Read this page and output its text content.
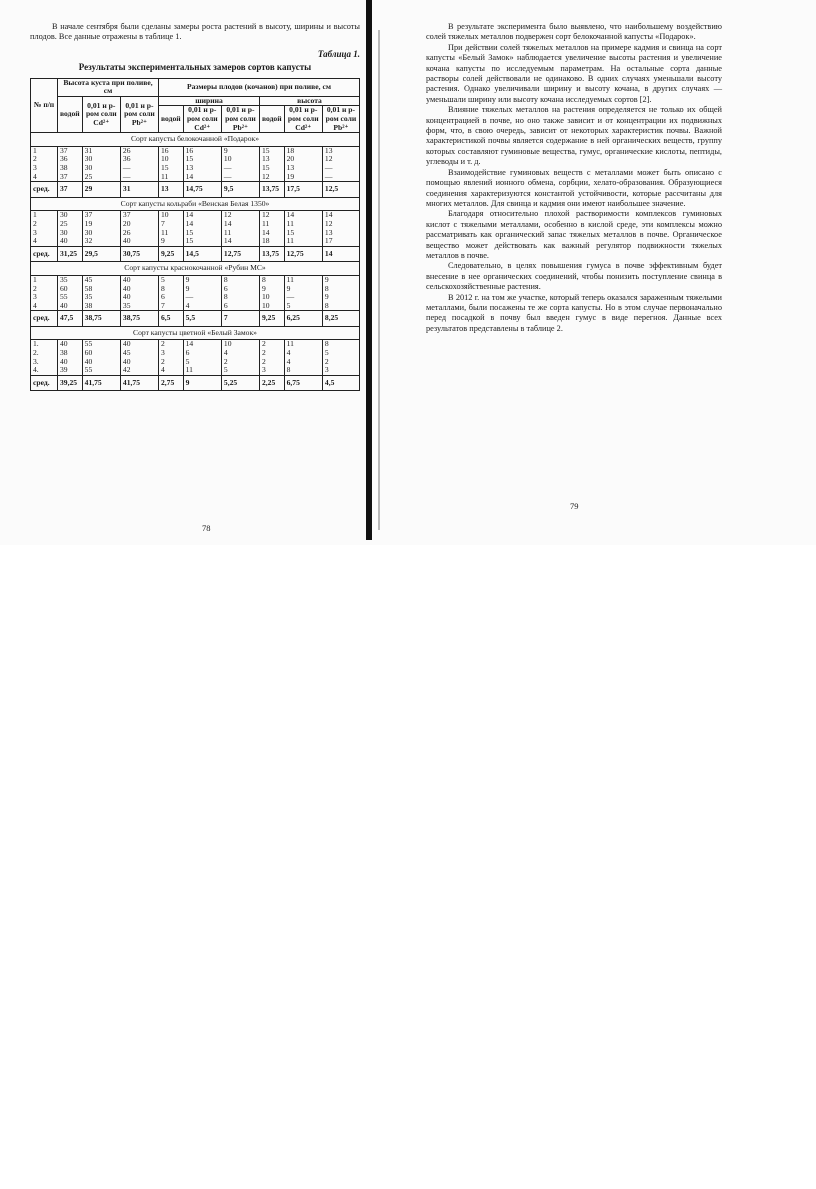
В начале сентября были сделаны замеры роста растений в высоту, ширины и высоты плодов. Все данные отражены в таблице 1.

Таблица 1.
Результаты экспериментальных замеров сортов капусты
№ п/п	Высота куста при поливе, см			Размеры плодов (кочанов) при поливе, см					
	водой	0,01 н р-ром соли Cd²⁺	0,01 н р-ром соли Pb²⁺	ширина			высота		
				водой	0,01 н р-ром соли Cd²⁺	0,01 н р-ром соли Pb²⁺	водой	0,01 н р-ром соли Cd²⁺	0,01 н р-ром соли Pb²⁺
Сорт капусты белокочанной «Подарок»									
1	37	31	26	16	16	9	15	18	13
2	36	30	36	10	15	10	13	20	12
3	38	30	—	15	13	—	15	13	—
4	37	25	—	11	14	—	12	19	—
сред.	37	29	31	13	14,75	9,5	13,75	17,5	12,5
Сорт капусты кольраби «Венская Белая 1350»									
1	30	37	37	10	14	12	12	14	14
2	25	19	20	7	14	14	11	11	12
3	30	30	26	11	15	11	14	15	13
4	40	32	40	9	15	14	18	11	17
сред.	31,25	29,5	30,75	9,25	14,5	12,75	13,75	12,75	14
Сорт капусты краснокочанной «Рубин МС»									
1	35	45	40	5	9	8	8	11	9
2	60	58	40	8	9	6	9	9	8
3	55	35	40	6	—	8	10	—	9
4	40	38	35	7	4	6	10	5	8
сред.	47,5	38,75	38,75	6,5	5,5	7	9,25	6,25	8,25
Сорт капусты цветной «Белый Замок»									
1.	40	55	40	2	14	10	2	11	8
2.	38	60	45	3	6	4	2	4	5
3.	40	40	40	2	5	2	2	4	2
4.	39	55	42	4	11	5	3	8	3
сред.	39,25	41,75	41,75	2,75	9	5,25	2,25	6,75	4,5
78

В результате эксперимента было выявлено, что наибольшему воздействию солей тяжелых металлов подвержен сорт белокочанной капусты «Подарок».

При действии солей тяжелых металлов на примере кадмия и свинца на сорт капусты «Белый Замок» наблюдается увеличение высоты растения и увеличение кочана капусты по исследуемым параметрам. На остальные сорта данные растворы солей действовали не одинаково. В одних случаях уменьшали высоту растения. Однако увеличивали ширину и высоту кочана, в других случаях — уменьшали ширину или высоту кочана исследуемых сортов [2].

Влияние тяжелых металлов на растения определяется не только их общей концентрацией в почве, но оно также зависит и от концентрации их подвижных форм, что, в свою очередь, зависит от некоторых характеристик почвы. Важной характеристикой почвы является содержание в ней органических веществ, группу которых составляют гуминовые вещества, гумус, органические кислоты, пептиды, углеводы и т. д.

Взаимодействие гуминовых веществ с металлами может быть описано с помощью явлений ионного обмена, сорбции, хелато-образования. Образующиеся соединения характеризуются константой устойчивости, которые рассчитаны для многих металлов. Для свинца и кадмия они имеют наибольшее значение.

Благодаря относительно плохой растворимости комплексов гуминовых кислот с тяжелыми металлами, особенно в кислой среде, эти комплексы можно рассматривать как органический запас тяжелых металлов в почве. Органическое вещество может действовать как важный регулятор подвижности тяжелых металлов в почве.

Следовательно, в целях повышения гумуса в почве эффективным будет внесение в нее органических соединений, чтобы понизить поступление свинца в сельскохозяйственные растения.

В 2012 г. на том же участке, который теперь оказался зараженным тяжелыми металлами, были посажены те же сорта капусты. Но в этом случае первоначально перед посадкой в почву был введен гумус в виде перегноя. Данные всех результатов представлены в таблице 2.

79
